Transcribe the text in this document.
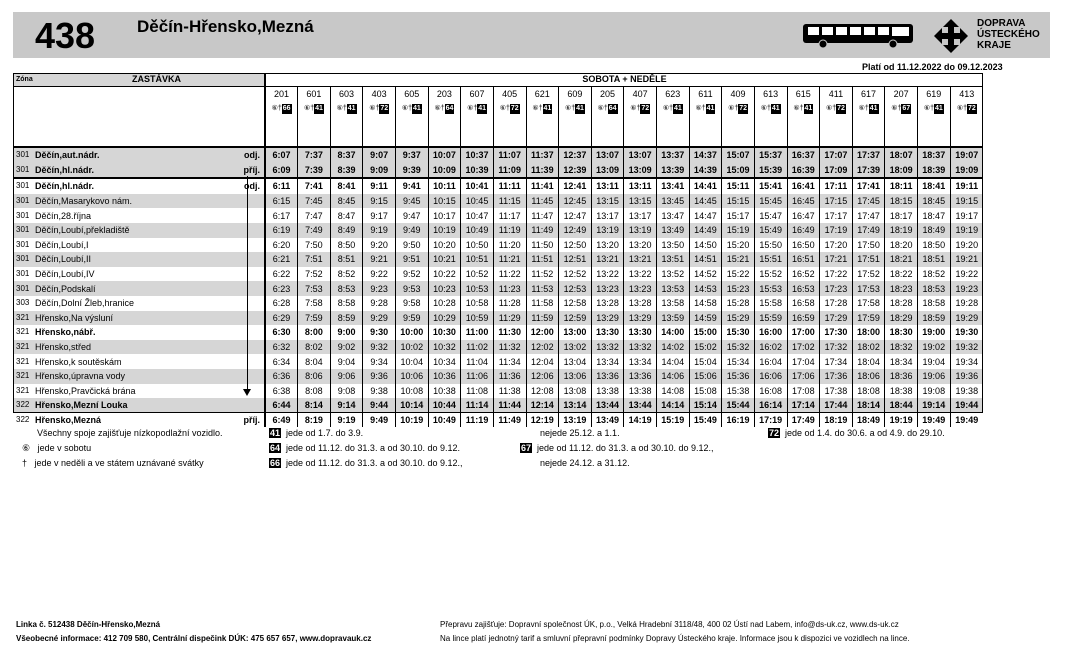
438 Děčín-Hřensko,Mezná	DOPRAVA
ÚSTECKÉHO
KRAJE
Platí od 11.12.2022 do 09.12.2023
Zóna	ZASTÁVKA		SOBOTA + NEDĚLE																					
			201	601	603	403	605	203	607	405	621	609	205	407	623	611	409	613	615	411	617	207	619	413
			⑥†66	⑥†41	⑥†41	⑥†72	⑥†41	⑥†64	⑥†41	⑥†72	⑥†41	⑥†41	⑥†64	⑥†72	⑥†41	⑥†41	⑥†72	⑥†41	⑥†41	⑥†72	⑥†41	⑥†67	⑥†41	⑥†72

301	Děčín,aut.nádr.	odj.	6:07	7:37	8:37	9:07	9:37	10:07	10:37	11:07	11:37	12:37	13:07	13:07	13:37	14:37	15:07	15:37	16:37	17:07	17:37	18:07	18:37	19:07
301	Děčín,hl.nádr.	příj.	6:09	7:39	8:39	9:09	9:39	10:09	10:39	11:09	11:39	12:39	13:09	13:09	13:39	14:39	15:09	15:39	16:39	17:09	17:39	18:09	18:39	19:09
301	Děčín,hl.nádr.	odj.	6:11	7:41	8:41	9:11	9:41	10:11	10:41	11:11	11:41	12:41	13:11	13:11	13:41	14:41	15:11	15:41	16:41	17:11	17:41	18:11	18:41	19:11
301	Děčín,Masarykovo nám.		6:15	7:45	8:45	9:15	9:45	10:15	10:45	11:15	11:45	12:45	13:15	13:15	13:45	14:45	15:15	15:45	16:45	17:15	17:45	18:15	18:45	19:15
301	Děčín,28.října		6:17	7:47	8:47	9:17	9:47	10:17	10:47	11:17	11:47	12:47	13:17	13:17	13:47	14:47	15:17	15:47	16:47	17:17	17:47	18:17	18:47	19:17
301	Děčín,Loubí,překladiště		6:19	7:49	8:49	9:19	9:49	10:19	10:49	11:19	11:49	12:49	13:19	13:19	13:49	14:49	15:19	15:49	16:49	17:19	17:49	18:19	18:49	19:19
301	Děčín,Loubí,I		6:20	7:50	8:50	9:20	9:50	10:20	10:50	11:20	11:50	12:50	13:20	13:20	13:50	14:50	15:20	15:50	16:50	17:20	17:50	18:20	18:50	19:20
301	Děčín,Loubí,II		6:21	7:51	8:51	9:21	9:51	10:21	10:51	11:21	11:51	12:51	13:21	13:21	13:51	14:51	15:21	15:51	16:51	17:21	17:51	18:21	18:51	19:21
301	Děčín,Loubí,IV		6:22	7:52	8:52	9:22	9:52	10:22	10:52	11:22	11:52	12:52	13:22	13:22	13:52	14:52	15:22	15:52	16:52	17:22	17:52	18:22	18:52	19:22
301	Děčín,Podskalí		6:23	7:53	8:53	9:23	9:53	10:23	10:53	11:23	11:53	12:53	13:23	13:23	13:53	14:53	15:23	15:53	16:53	17:23	17:53	18:23	18:53	19:23
303	Děčín,Dolní Žleb,hranice		6:28	7:58	8:58	9:28	9:58	10:28	10:58	11:28	11:58	12:58	13:28	13:28	13:58	14:58	15:28	15:58	16:58	17:28	17:58	18:28	18:58	19:28
321	Hřensko,Na výsluní		6:29	7:59	8:59	9:29	9:59	10:29	10:59	11:29	11:59	12:59	13:29	13:29	13:59	14:59	15:29	15:59	16:59	17:29	17:59	18:29	18:59	19:29
321	Hřensko,nábř.		6:30	8:00	9:00	9:30	10:00	10:30	11:00	11:30	12:00	13:00	13:30	13:30	14:00	15:00	15:30	16:00	17:00	17:30	18:00	18:30	19:00	19:30
321	Hřensko,střed		6:32	8:02	9:02	9:32	10:02	10:32	11:02	11:32	12:02	13:02	13:32	13:32	14:02	15:02	15:32	16:02	17:02	17:32	18:02	18:32	19:02	19:32
321	Hřensko,k soutěskám		6:34	8:04	9:04	9:34	10:04	10:34	11:04	11:34	12:04	13:04	13:34	13:34	14:04	15:04	15:34	16:04	17:04	17:34	18:04	18:34	19:04	19:34
321	Hřensko,úpravna vody		6:36	8:06	9:06	9:36	10:06	10:36	11:06	11:36	12:06	13:06	13:36	13:36	14:06	15:06	15:36	16:06	17:06	17:36	18:06	18:36	19:06	19:36
321	Hřensko,Pravčická brána		6:38	8:08	9:08	9:38	10:08	10:38	11:08	11:38	12:08	13:08	13:38	13:38	14:08	15:08	15:38	16:08	17:08	17:38	18:08	18:38	19:08	19:38
322	Hřensko,Mezní Louka		6:44	8:14	9:14	9:44	10:14	10:44	11:14	11:44	12:14	13:14	13:44	13:44	14:14	15:14	15:44	16:14	17:14	17:44	18:14	18:44	19:14	19:44
322	Hřensko,Mezná	příj.	6:49	8:19	9:19	9:49	10:19	10:49	11:19	11:49	12:19	13:19	13:49	14:19	15:19	15:49	16:19	17:19	17:49	18:19	18:49	19:19	19:49	19:49
Všechny spoje zajišťuje nízkopodlažní vozidlo.
⑥ jede v sobotu
† jede v neděli a ve státem uznávané svátky
41 jede od 1.7. do 3.9.
64 jede od 11.12. do 31.3. a od 30.10. do 9.12.
66 jede od 11.12. do 31.3. a od 30.10. do 9.12.,
nejede 25.12. a 1.1.
67 jede od 11.12. do 31.3. a od 30.10. do 9.12.,
nejede 24.12. a 31.12.
72 jede od 1.4. do 30.6. a od 4.9. do 29.10.
Linka č. 512438 Děčín-Hřensko,Mezná
Všeobecné informace: 412 709 580, Centrální dispečink DÚK: 475 657 657, www.dopravauk.cz
Přepravu zajišťuje: Dopravní společnost ÚK, p.o., Velká Hradební 3118/48, 400 02 Ústí nad Labem, info@ds-uk.cz, www.ds-uk.cz
Na lince platí jednotný tarif a smluvní přepravní podmínky Dopravy Ústeckého kraje. Informace jsou k dispozici ve vozidlech na lince.
